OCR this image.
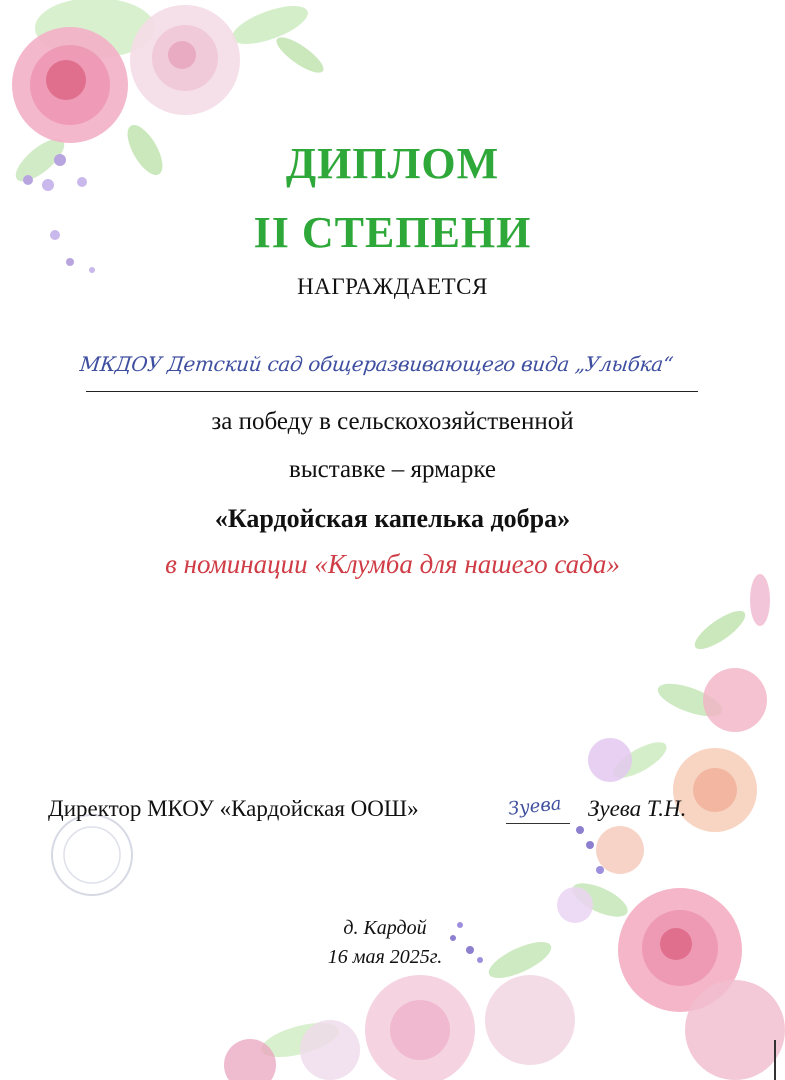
ДИПЛОМ
II СТЕПЕНИ
НАГРАЖДАЕТСЯ
МКДОУ Детский сад общеразвивающего вида „Улыбка“
за победу в сельскохозяйственной
выставке – ярмарке
«Кардойская капелька добра»
в номинации «Клумба для нашего сада»
Директор МКОУ «Кардойская ООШ»	Зуева Зуева Т.Н.
д. Кардой
16 мая 2025г.
